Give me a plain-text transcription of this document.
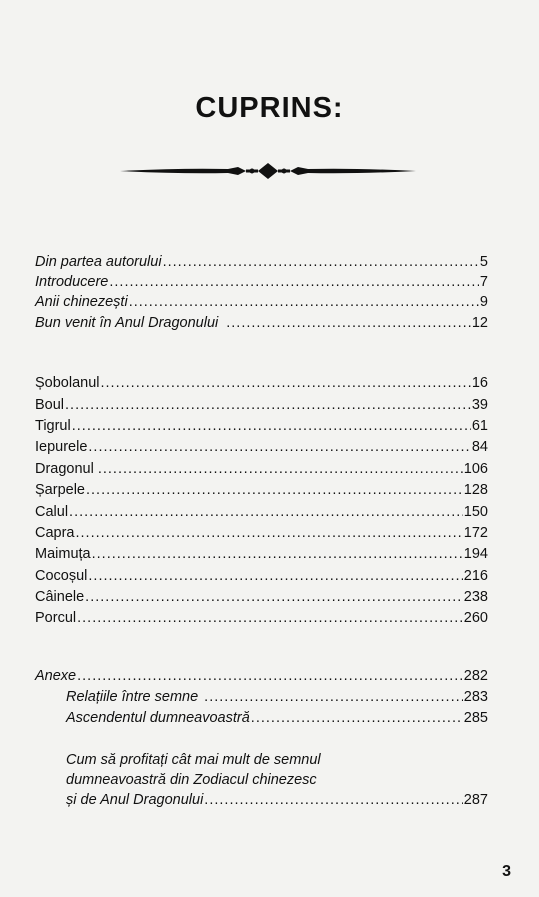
CUPRINS:
Din partea autorului .....	5
Introducere .....	7
Anii chinezești .....	9
Bun venit în Anul Dragonului .....	12
Șobolanul .....	16
Boul .....	39
Tigrul .....	61
Iepurele .....	84
Dragonul .....	106
Șarpele .....	128
Calul .....	150
Capra .....	172
Maimuța .....	194
Cocoșul .....	216
Câinele .....	238
Porcul .....	260
Anexe .....	282
Relațiile între semne .....	283
Ascendentul dumneavoastră .....	285
Cum să profitați cât mai mult de semnul
dumneavoastră din Zodiacul chinezesc
și de Anul Dragonului .....	287
3
